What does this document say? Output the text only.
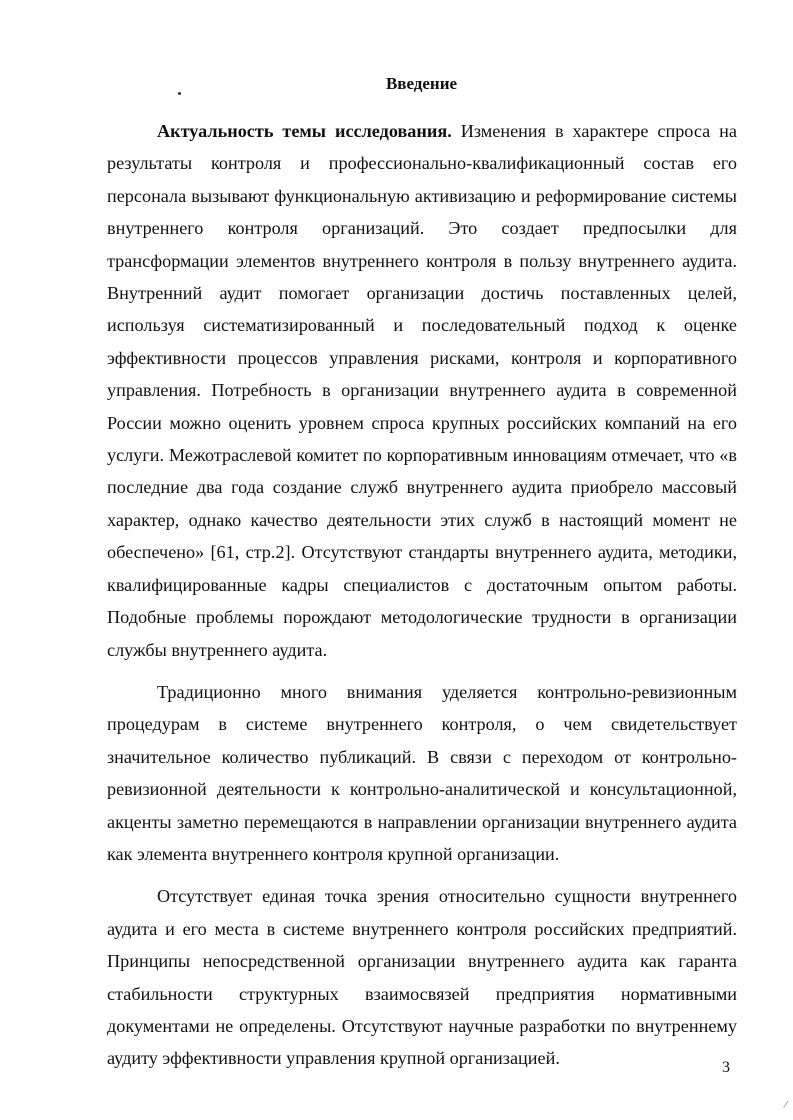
Введение

Актуальность темы исследования. Изменения в характере спроса на результаты контроля и профессионально-квалификационный состав его персонала вызывают функциональную активизацию и реформирование системы внутреннего контроля организаций. Это создает предпосылки для трансформации элементов внутреннего контроля в пользу внутреннего аудита. Внутренний аудит помогает организации достичь поставленных целей, используя систематизированный и последовательный подход к оценке эффективности процессов управления рисками, контроля и корпоративного управления. Потребность в организации внутреннего аудита в современной России можно оценить уровнем спроса крупных российских компаний на его услуги. Межотраслевой комитет по корпоративным инновациям отмечает, что «в последние два года создание служб внутреннего аудита приобрело массовый характер, однако качество деятельности этих служб в настоящий момент не обеспечено» [61, стр.2]. Отсутствуют стандарты внутреннего аудита, методики, квалифицированные кадры специалистов с достаточным опытом работы. Подобные проблемы порождают методологические трудности в организации службы внутреннего аудита.

Традиционно много внимания уделяется контрольно-ревизионным процедурам в системе внутреннего контроля, о чем свидетельствует значительное количество публикаций. В связи с переходом от контрольно-ревизионной деятельности к контрольно-аналитической и консультационной, акценты заметно перемещаются в направлении организации внутреннего аудита как элемента внутреннего контроля крупной организации.

Отсутствует единая точка зрения относительно сущности внутреннего аудита и его места в системе внутреннего контроля российских предприятий. Принципы непосредственной организации внутреннего аудита как гаранта стабильности структурных взаимосвязей предприятия нормативными документами не определены. Отсутствуют научные разработки по внутреннему аудиту эффективности управления крупной организацией.	3
⁄
